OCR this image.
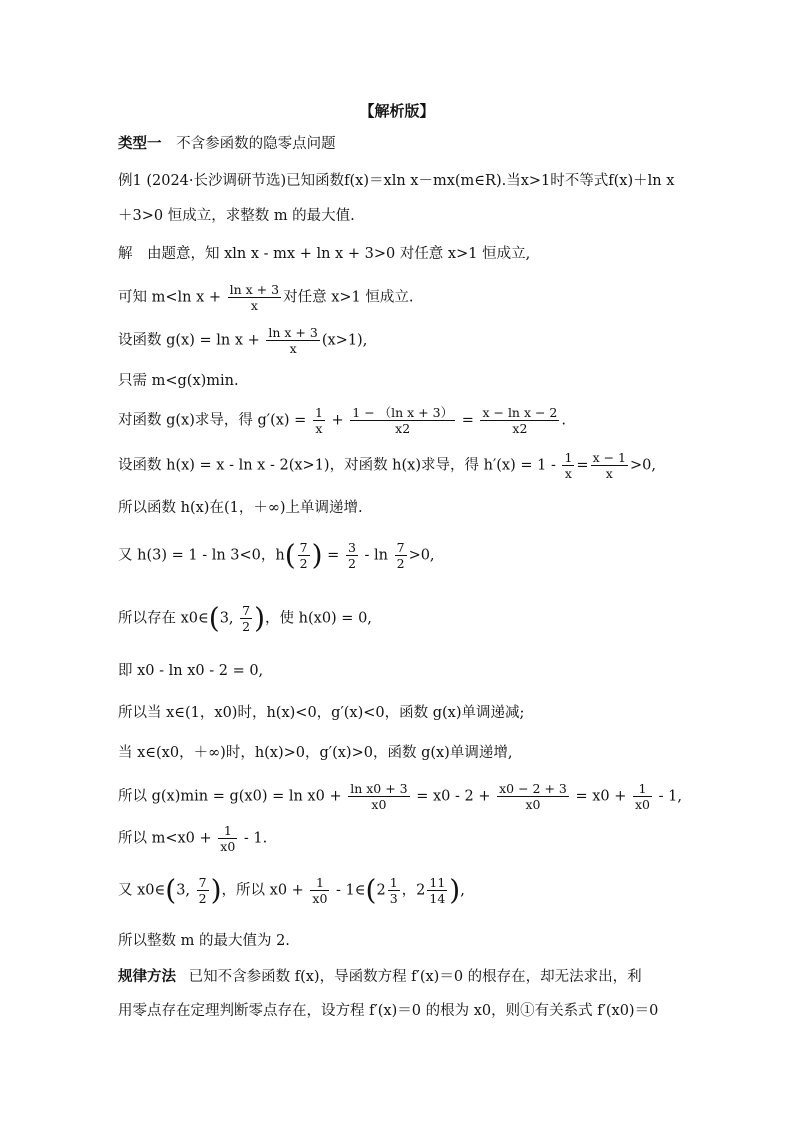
【解析版】
类型一 不含参函数的隐零点问题
例1 (2024·长沙调研节选)已知函数f(x)＝xln x－mx(m∈R).当x>1时不等式f(x)＋ln x
＋3>0 恒成立，求整数 m 的最大值.
解　由题意，知 xln x - mx + ln x + 3>0 对任意 x>1 恒成立,
可知 m<ln $x + \frac{\text{ln x + 3}}{x}$ 对任意 x>1 恒成立.
设函数 $g(x) = \ln x + \frac{\text{ln x + 3}}{x} (x>1)$,
只需 m<g(x)min.
对函数 g(x)求导，得 $g'(x) = \frac{1}{x} + \frac{\text{1 − （ln x + 3）}}{x2} = \frac{\text{x − ln x − 2}}{x2}$ .
设函数 h(x) = x - ln x - 2(x>1)，对函数 h(x)求导，得 $h'(x) = 1 - \frac{1}{x} = \frac{x - 1}{x} >0$,
所以函数 h(x)在(1，＋∞)上单调递增.
又 h(3) = 1 - ln 3<0，$h( \frac{7}{2}$ ) = $\frac{3}{2} - \ln \frac{7}{2} >0$,
所以存在 x0∈(3, $\frac{7}{2}$ )，使 h(x0) = 0,
即 x0 - ln x0 - 2 = 0,
所以当 x∈(1，x0)时，h(x)<0，g′(x)<0，函数 g(x)单调递减;
当 x∈(x0，＋∞)时，h(x)>0，g′(x)>0，函数 g(x)单调递增,
所以 $g(x)\min = g(x0) = \ln x0 + \frac{\text{ln x0 + 3}}{x0} = x0 - 2 + \frac{x0 - 2 + 3}{x0} = x0 + \frac{1}{x0} - 1$,
所以 $m<x0 + \frac{1}{x0} - 1$.
又 x0∈(3, $\frac{7}{2}$ )，所以 $x0 + \frac{1}{x0}$ - 1∈(2 $\frac{1}{3}$ ，$2 \frac{11}{14}$ ),
所以整数 m 的最大值为 2.
规律方法 已知不含参函数 f(x)，导函数方程 f′(x)＝0 的根存在，却无法求出，利
用零点存在定理判断零点存在，设方程 f′(x)＝0 的根为 x0，则①有关系式 f′(x0)＝0
